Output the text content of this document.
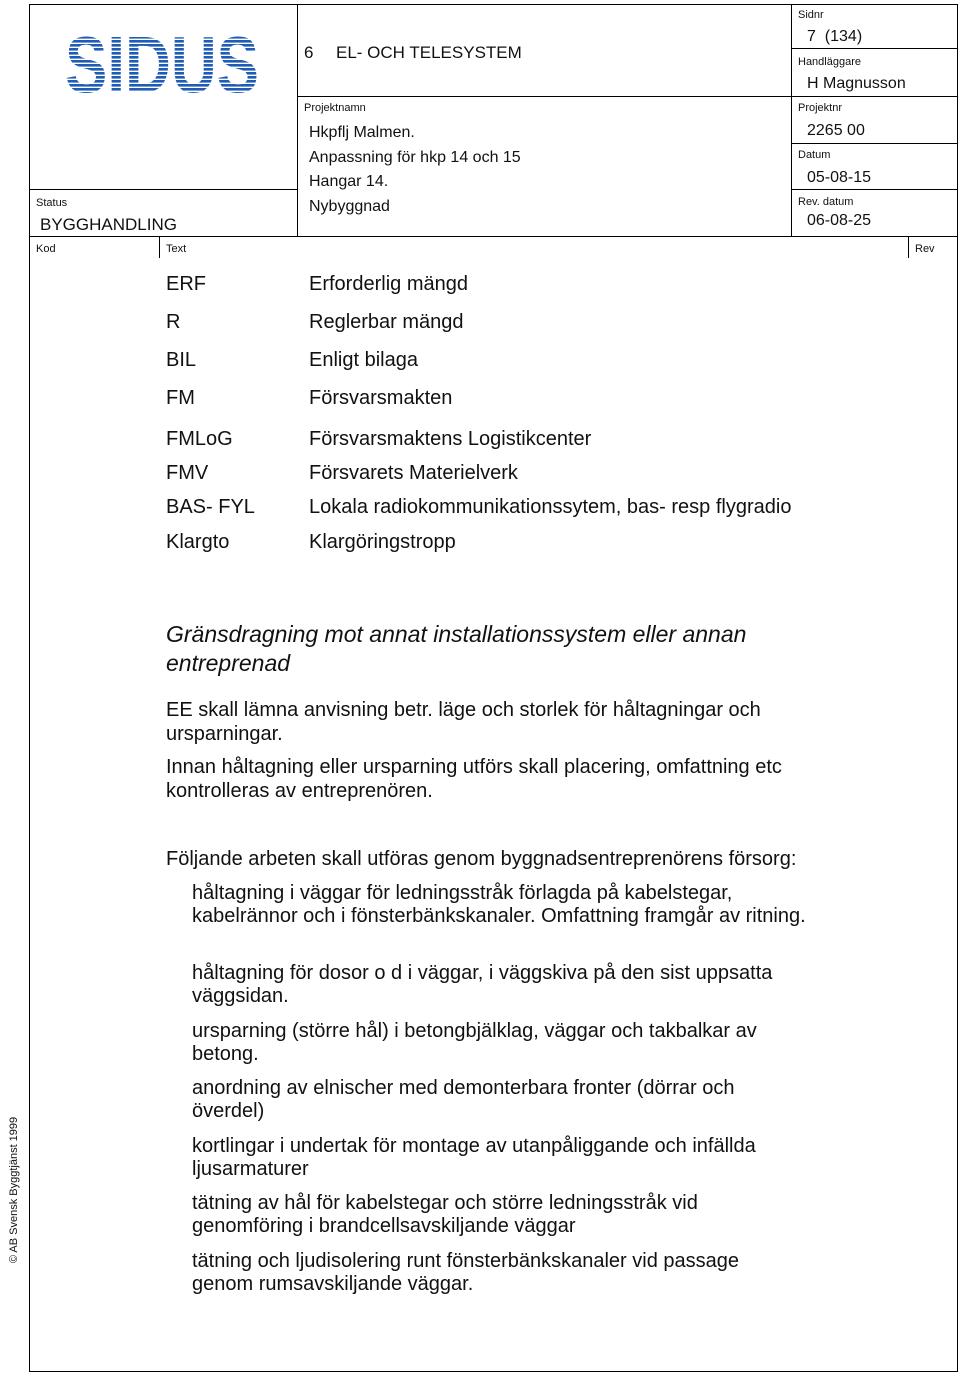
SIDUS	6 EL- OCH TELESYSTEM
Status
BYGGHANDLING
Projektnamn
Hkpflj Malmen.
Anpassning för hkp 14 och 15
Hangar 14.
Nybyggnad
Sidnr
7  (134)
Handläggare
H Magnusson
Projektnr
2265 00
Datum
05-08-15
Rev. datum
06-08-25
Kod	Text	Rev
ERF	Erforderlig mängd
R	Reglerbar mängd
BIL	Enligt bilaga
FM	Försvarsmakten
FMLoG	Försvarsmaktens Logistikcenter
FMV	Försvarets Materielverk
BAS- FYL	Lokala radiokommunikationssytem, bas- resp flygradio
Klargto	Klargöringstropp
Gränsdragning mot annat installationssystem eller annan entreprenad
EE skall lämna anvisning betr. läge och storlek för håltagningar och ursparningar.
Innan håltagning eller ursparning utförs skall placering, omfattning etc kontrolleras av entreprenören.
Följande arbeten skall utföras genom byggnadsentreprenörens försorg:
håltagning i väggar för ledningsstråk förlagda på kabelstegar, kabelrännor och i fönsterbänkskanaler. Omfattning framgår av ritning.
håltagning för dosor o d i väggar, i väggskiva på den sist uppsatta väggsidan.
ursparning (större hål) i betongbjälklag, väggar och takbalkar av betong.
anordning av elnischer med demonterbara fronter (dörrar och överdel)
kortlingar i undertak för montage av utanpåliggande och infällda ljusarmaturer
tätning av hål för kabelstegar och större ledningsstråk vid genomföring i brandcellsavskiljande väggar
tätning och ljudisolering runt fönsterbänkskanaler vid passage genom rumsavskiljande väggar.
© AB Svensk Byggtjänst 1999
